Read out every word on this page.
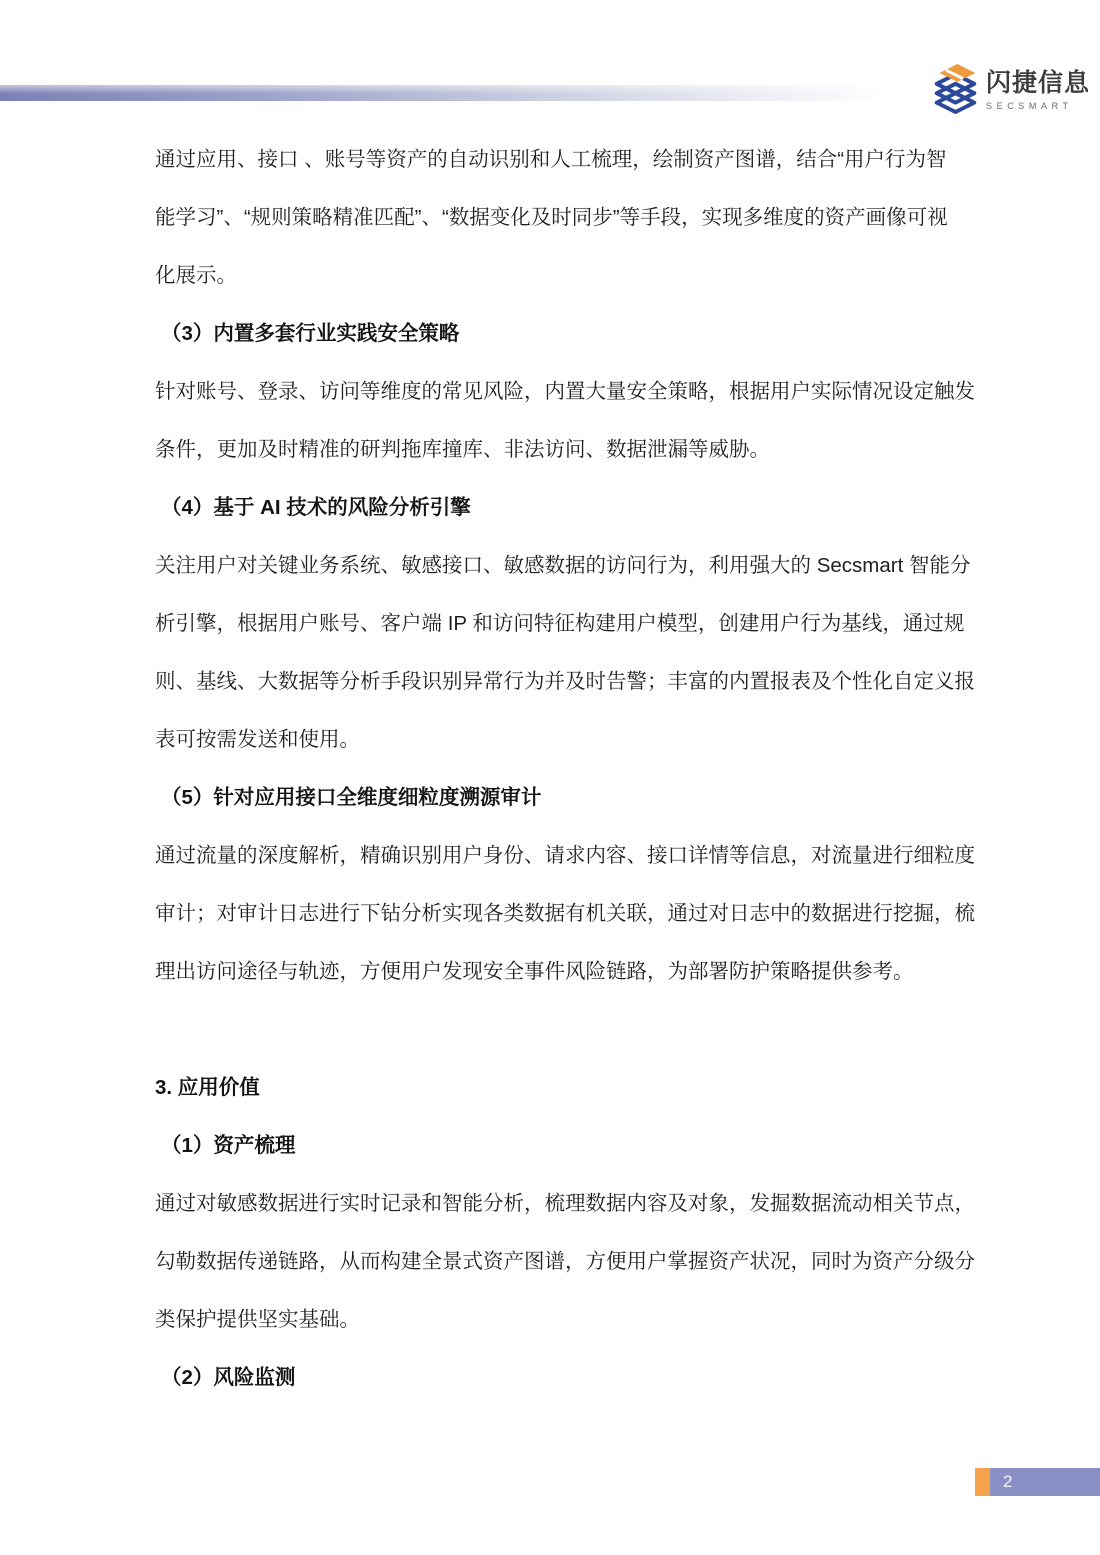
闪捷信息
SECSMART
通过应用、接口 、账号等资产的自动识别和人工梳理，绘制资产图谱，结合“用户行为智
能学习”、“规则策略精准匹配”、“数据变化及时同步”等手段，实现多维度的资产画像可视
化展示。
（3）内置多套行业实践安全策略
针对账号、登录、访问等维度的常见风险，内置大量安全策略，根据用户实际情况设定触发
条件，更加及时精准的研判拖库撞库、非法访问、数据泄漏等威胁。
（4）基于 AI 技术的风险分析引擎
关注用户对关键业务系统、敏感接口、敏感数据的访问行为，利用强大的 Secsmart 智能分
析引擎，根据用户账号、客户端 IP 和访问特征构建用户模型，创建用户行为基线，通过规
则、基线、大数据等分析手段识别异常行为并及时告警；丰富的内置报表及个性化自定义报
表可按需发送和使用。
（5）针对应用接口全维度细粒度溯源审计
通过流量的深度解析，精确识别用户身份、请求内容、接口详情等信息，对流量进行细粒度
审计；对审计日志进行下钻分析实现各类数据有机关联，通过对日志中的数据进行挖掘，梳
理出访问途径与轨迹，方便用户发现安全事件风险链路，为部署防护策略提供参考。
3. 应用价值
（1）资产梳理
通过对敏感数据进行实时记录和智能分析，梳理数据内容及对象，发掘数据流动相关节点，
勾勒数据传递链路，从而构建全景式资产图谱，方便用户掌握资产状况，同时为资产分级分
类保护提供坚实基础。
（2）风险监测
2
